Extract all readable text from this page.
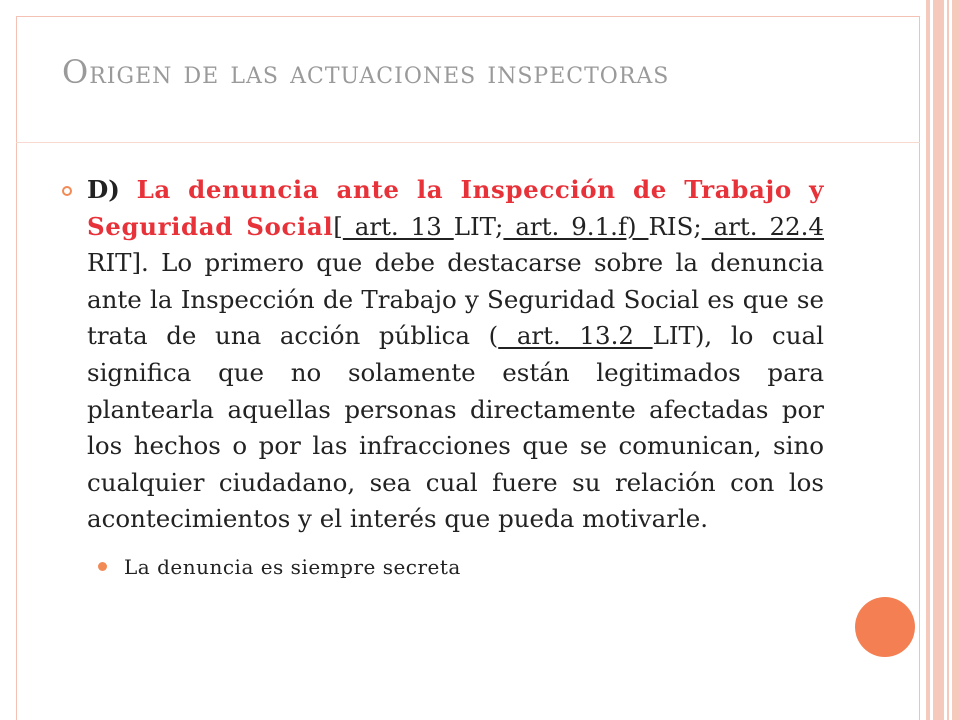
Origen de las actuaciones inspectoras

D) La denuncia ante la Inspección de Trabajo y Seguridad Social[ art. 13 LIT; art. 9.1.f) RIS; art. 22.4 RIT]. Lo primero que debe destacarse sobre la denuncia ante la Inspección de Trabajo y Seguridad Social es que se trata de una acción pública ( art. 13.2 LIT), lo cual significa que no solamente están legitimados para plantearla aquellas personas directamente afectadas por los hechos o por las infracciones que se comunican, sino cualquier ciudadano, sea cual fuere su relación con los acontecimientos y el interés que pueda motivarle.

La denuncia es siempre secreta
